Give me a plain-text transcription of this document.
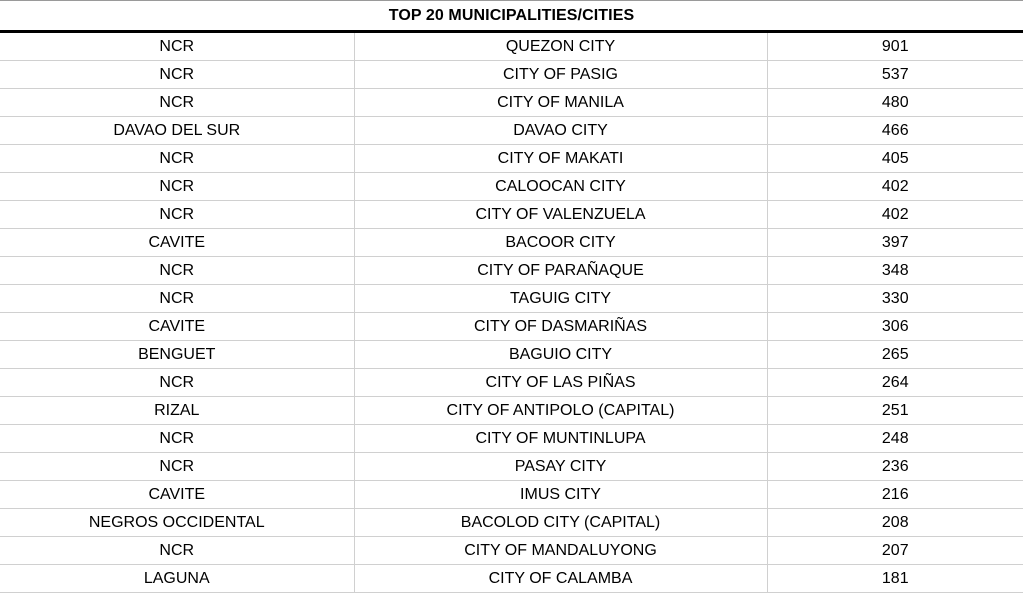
TOP 20 MUNICIPALITIES/CITIES
NCR	QUEZON CITY	901
NCR	CITY OF PASIG	537
NCR	CITY OF MANILA	480
DAVAO DEL SUR	DAVAO CITY	466
NCR	CITY OF MAKATI	405
NCR	CALOOCAN CITY	402
NCR	CITY OF VALENZUELA	402
CAVITE	BACOOR CITY	397
NCR	CITY OF PARAÑAQUE	348
NCR	TAGUIG CITY	330
CAVITE	CITY OF DASMARIÑAS	306
BENGUET	BAGUIO CITY	265
NCR	CITY OF LAS PIÑAS	264
RIZAL	CITY OF ANTIPOLO (CAPITAL)	251
NCR	CITY OF MUNTINLUPA	248
NCR	PASAY CITY	236
CAVITE	IMUS CITY	216
NEGROS OCCIDENTAL	BACOLOD CITY (CAPITAL)	208
NCR	CITY OF MANDALUYONG	207
LAGUNA	CITY OF CALAMBA	181
